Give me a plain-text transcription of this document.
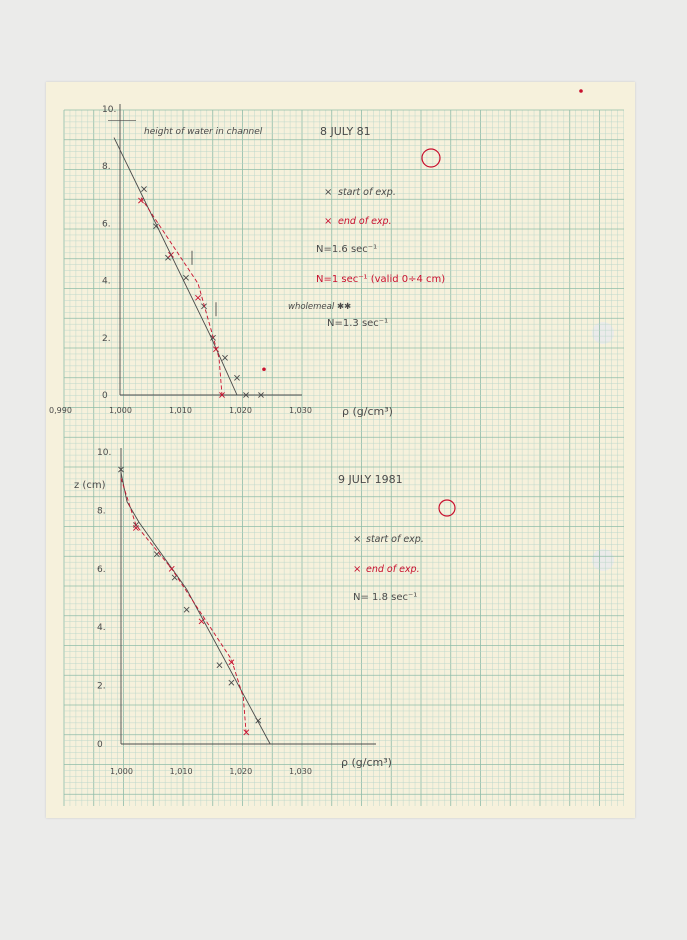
0
2.
4.
6.
8.
10.
0,990	1,000	1,010	1,020	1,030
height of water in channel	8 JULY 81
ρ (g/cm³)
× start of exp.
× end of exp.
N=1.6 sec⁻¹
N=1 sec⁻¹ (valid 0÷4 cm)
wholemeal ✱✱
N=1.3 sec⁻¹
0
2.
4.
6.
8.
10.
1,000	1,010	1,020	1,030
z (cm)	9 JULY 1981
ρ (g/cm³)
× start of exp.
× end of exp.
N= 1.8 sec⁻¹
